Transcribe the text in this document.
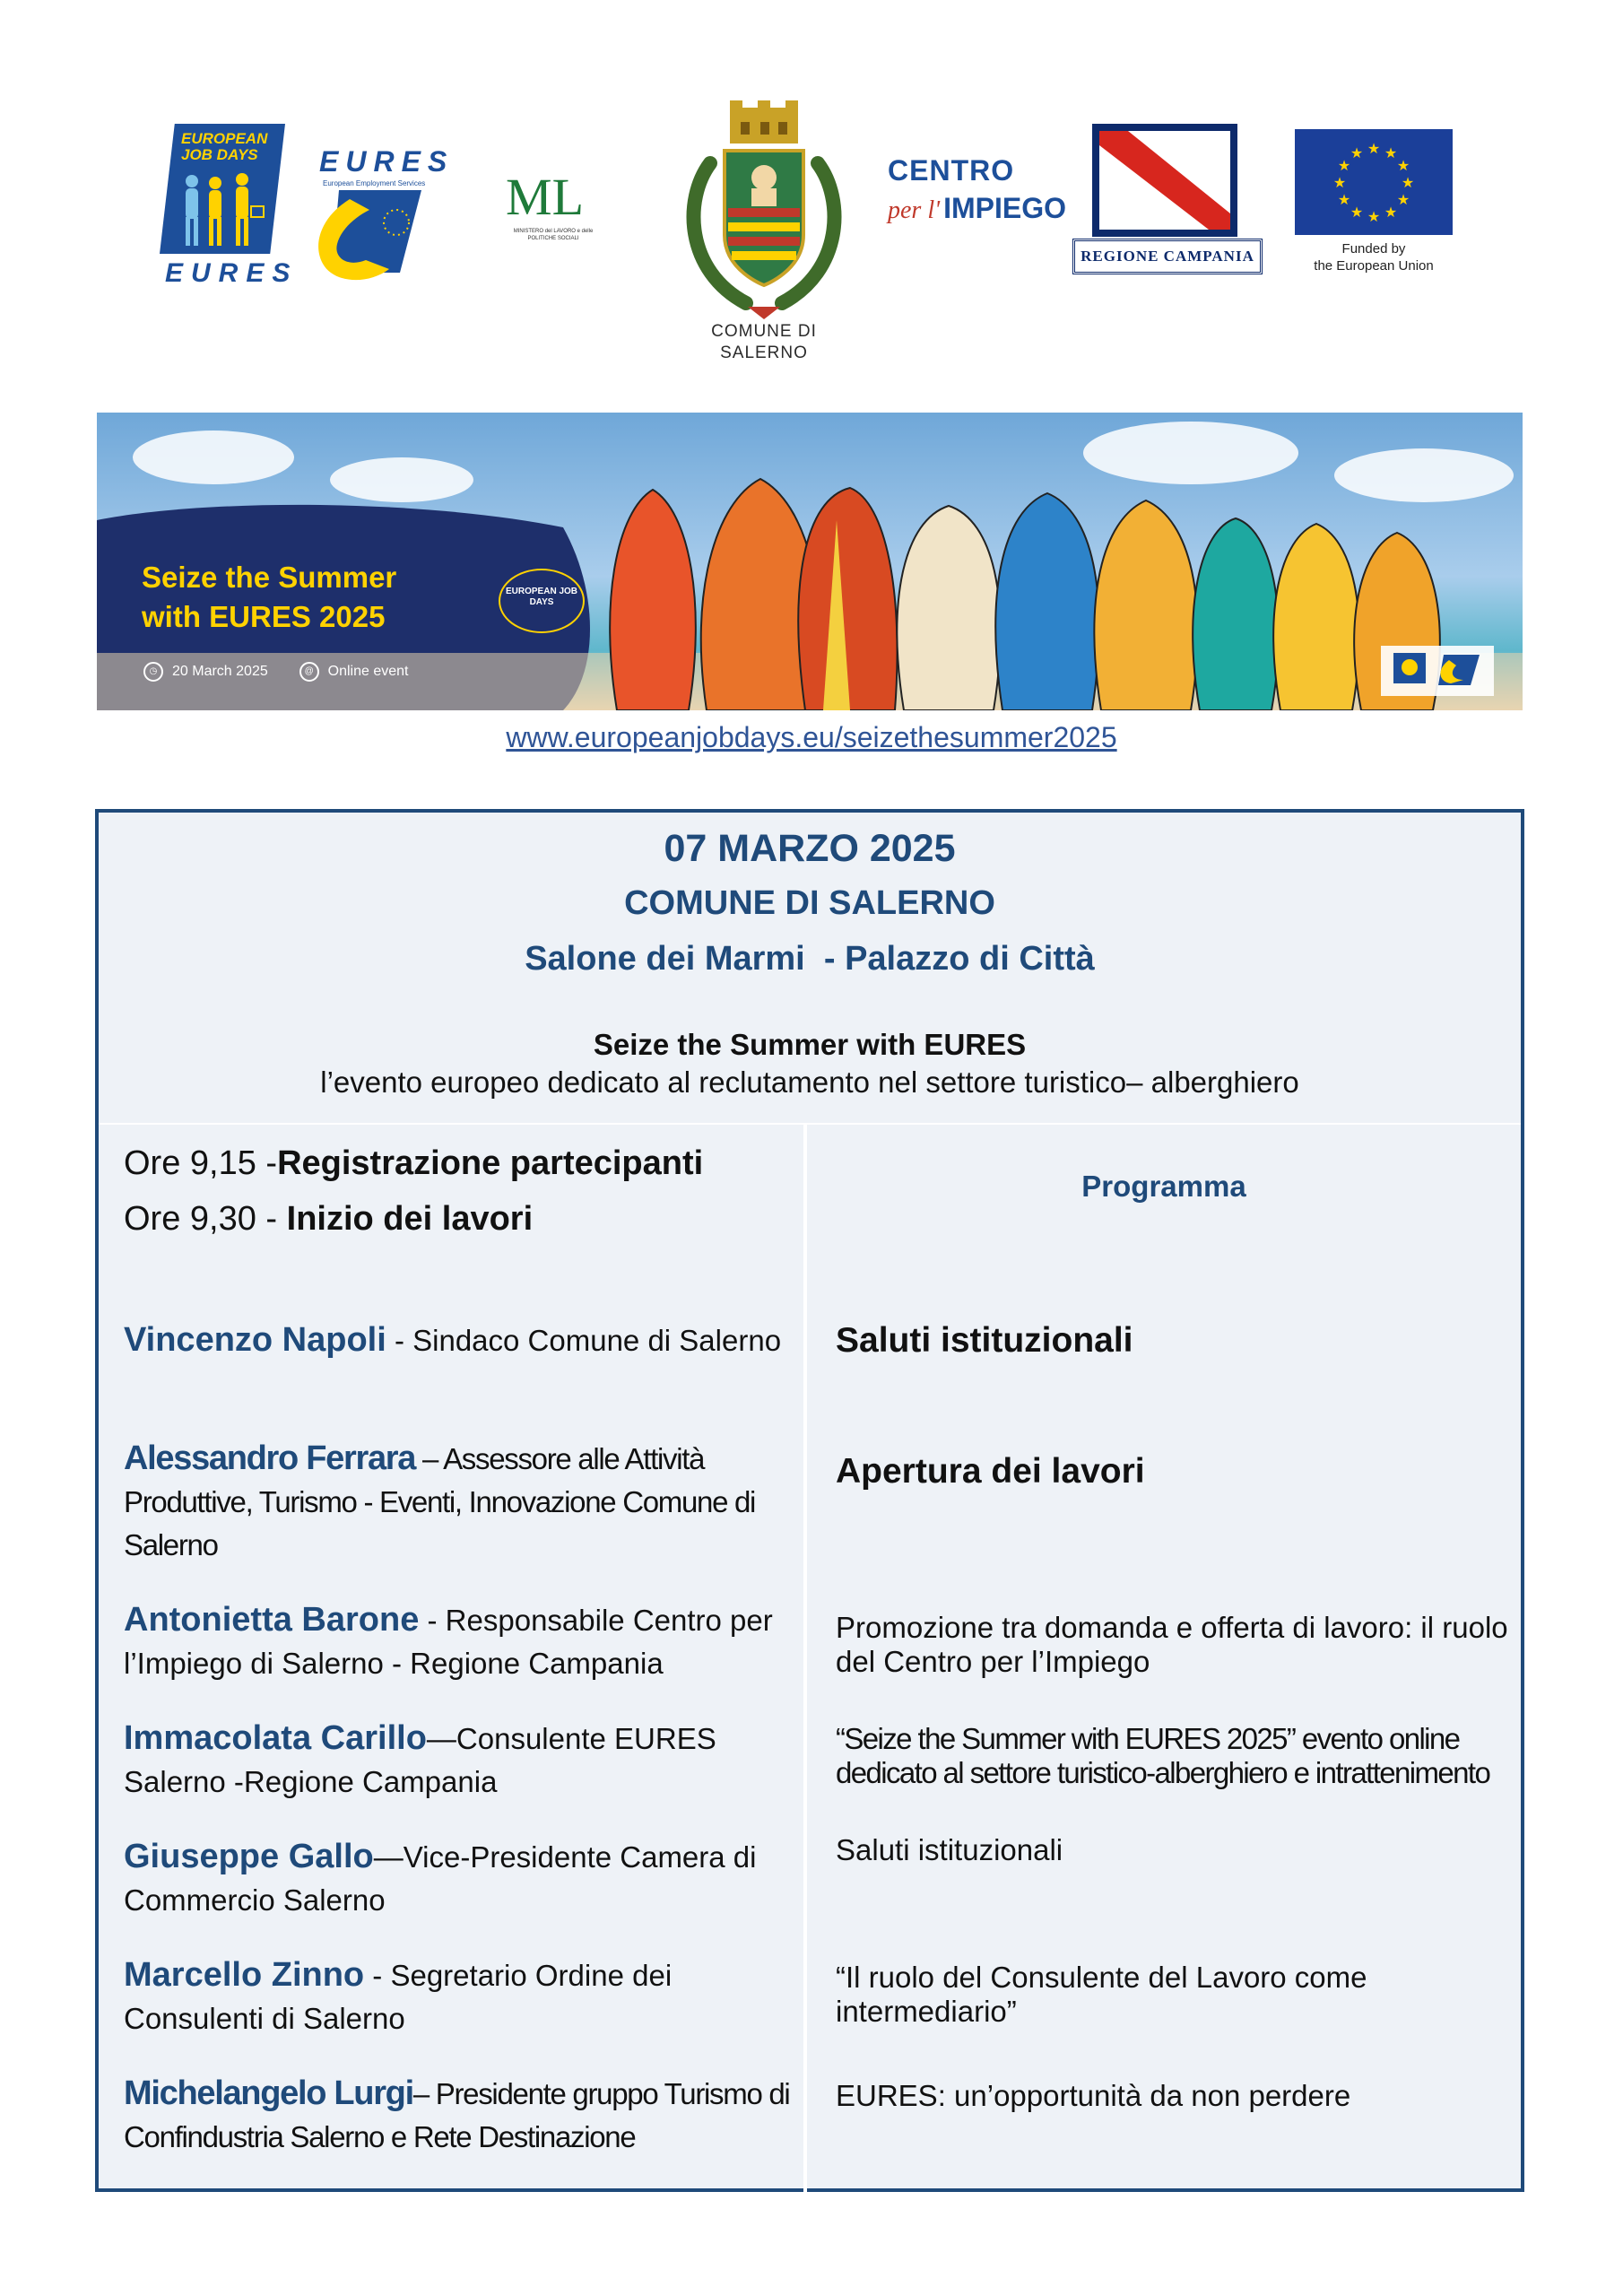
EUROPEAN JOB DAYS
EURES
EURES
European Employment Services ML
MINISTERO del LAVORO e delle POLITICHE SOCIALI
COMUNE DI
SALERNO
CENTRO
per l' IMPIEGO
REGIONE CAMPANIA
★ ★
★
★
★
★
★
★
★
★
★
★
Funded by
the European Union
Seize the Summer
with EURES 2025
EUROPEAN JOB DAYS
◷ 20 March 2025	@ Online event
www.europeanjobdays.eu/seizethesummer2025
07 MARZO 2025
COMUNE DI SALERNO
Salone dei Marmi  - Palazzo di Città
Seize the Summer with EURES
l’evento europeo dedicato al reclutamento nel settore turistico– alberghiero
Ore 9,15 -Registrazione partecipanti
Ore 9,30 - Inizio dei lavori
Vincenzo Napoli - Sindaco Comune di Salerno
Alessandro Ferrara – Assessore alle Attività Produttive, Turismo - Eventi, Innovazione Comune di Salerno
Antonietta Barone - Responsabile Centro per l’Impiego di Salerno - Regione Campania
Immacolata Carillo—Consulente EURES Salerno -Regione Campania
Giuseppe Gallo—Vice-Presidente Camera di Commercio Salerno
Marcello Zinno - Segretario Ordine dei Consulenti di Salerno
Michelangelo Lurgi– Presidente gruppo Turismo di Confindustria Salerno e Rete Destinazione
Programma
Saluti istituzionali
Apertura dei lavori
Promozione tra domanda e offerta di lavoro: il ruolo del Centro per l’Impiego
“Seize the Summer with EURES 2025” evento online dedicato al settore turistico-alberghiero e intrattenimento
Saluti istituzionali
“Il ruolo del Consulente del Lavoro come intermediario”
EURES: un’opportunità da non perdere
